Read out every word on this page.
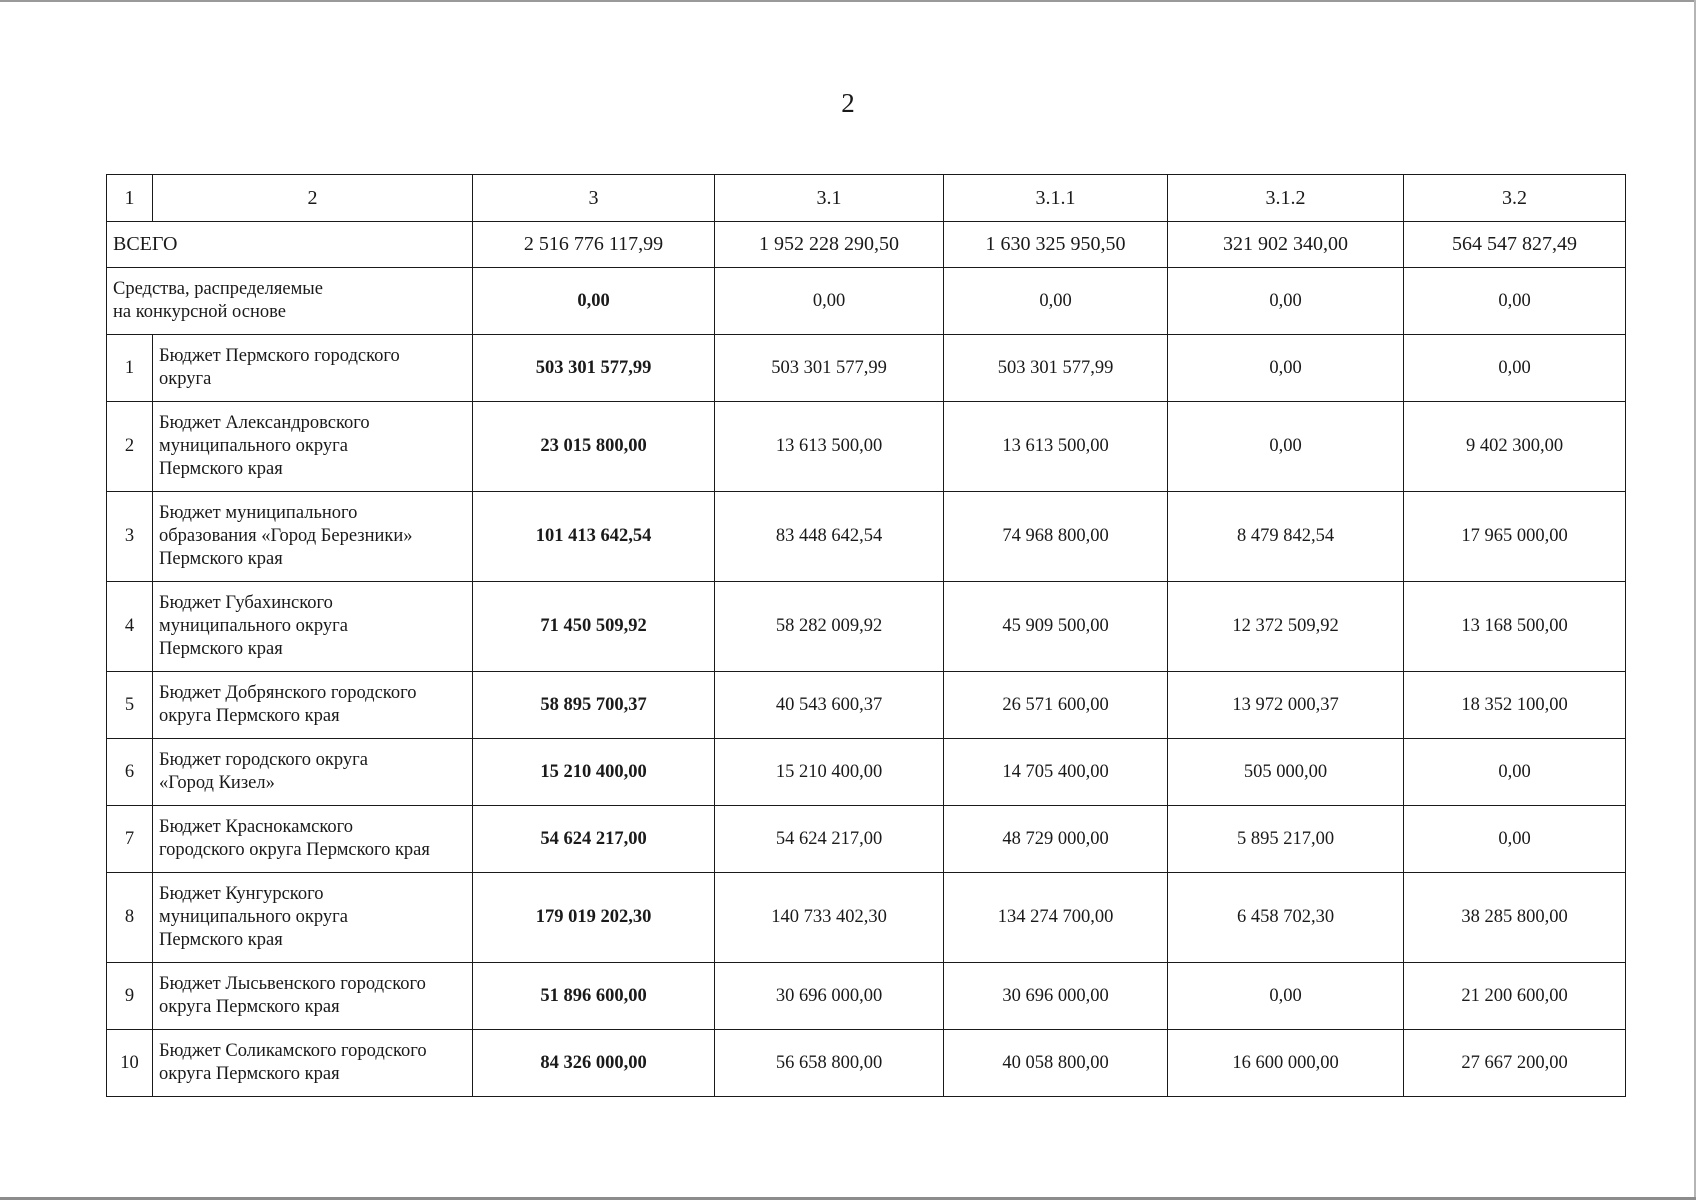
2
1	2	3	3.1	3.1.1	3.1.2	3.2
ВСЕГО		2 516 776 117,99	1 952 228 290,50	1 630 325 950,50	321 902 340,00	564 547 827,49

Средства, распределяемые
на конкурсной основе		0,00	0,00	0,00	0,00	0,00
1	Бюджет Пермского городского
округа	503 301 577,99	503 301 577,99	503 301 577,99	0,00	0,00
2	Бюджет Александровского
муниципального округа
Пермского края	23 015 800,00	13 613 500,00	13 613 500,00	0,00	9 402 300,00
3	Бюджет муниципального
образования «Город Березники»
Пермского края	101 413 642,54	83 448 642,54	74 968 800,00	8 479 842,54	17 965 000,00
4	Бюджет Губахинского
муниципального округа
Пермского края	71 450 509,92	58 282 009,92	45 909 500,00	12 372 509,92	13 168 500,00
5	Бюджет Добрянского городского
округа Пермского края	58 895 700,37	40 543 600,37	26 571 600,00	13 972 000,37	18 352 100,00
6	Бюджет городского округа
«Город Кизел»	15 210 400,00	15 210 400,00	14 705 400,00	505 000,00	0,00
7	Бюджет Краснокамского
городского округа Пермского края	54 624 217,00	54 624 217,00	48 729 000,00	5 895 217,00	0,00
8	Бюджет Кунгурского
муниципального округа
Пермского края	179 019 202,30	140 733 402,30	134 274 700,00	6 458 702,30	38 285 800,00
9	Бюджет Лысьвенского городского
округа Пермского края	51 896 600,00	30 696 000,00	30 696 000,00	0,00	21 200 600,00
10	Бюджет Соликамского городского
округа Пермского края	84 326 000,00	56 658 800,00	40 058 800,00	16 600 000,00	27 667 200,00
